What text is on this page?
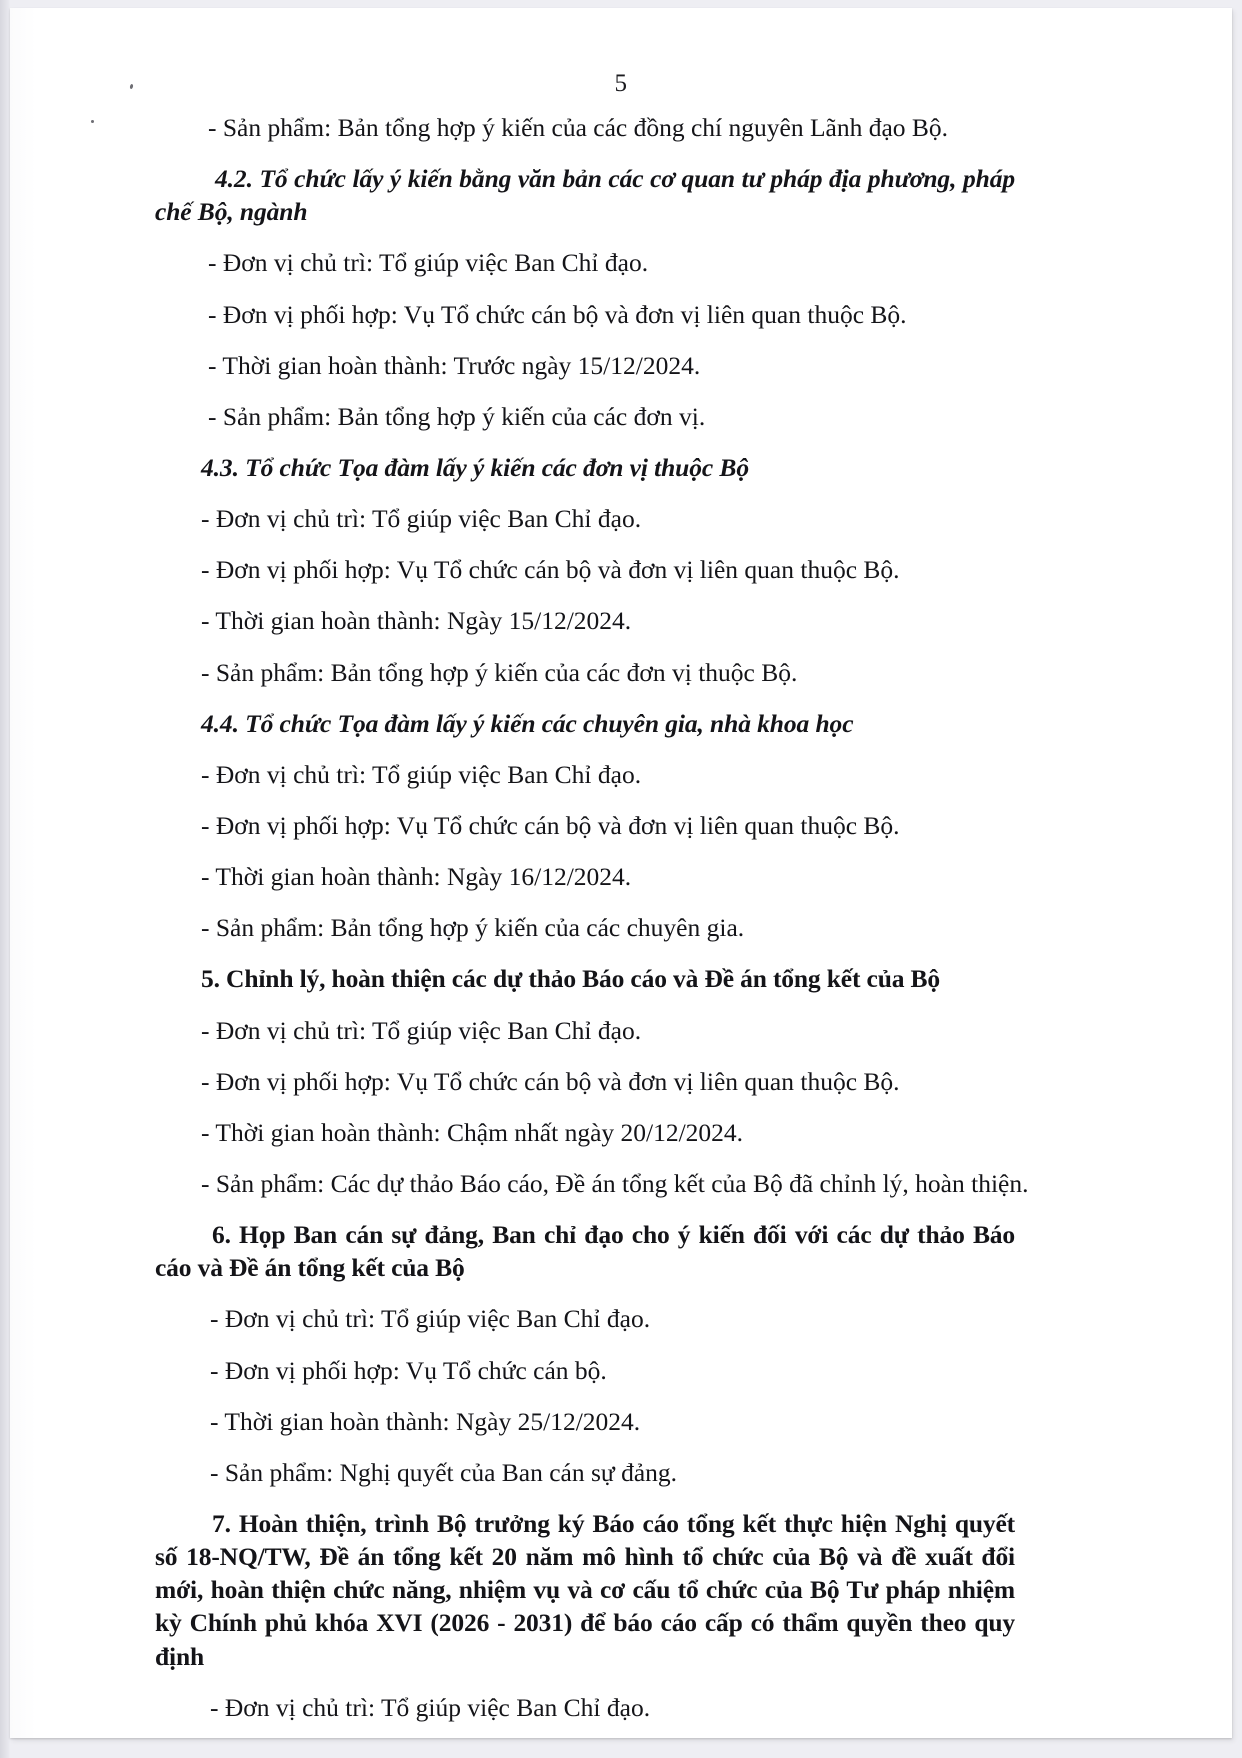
5

- Sản phẩm: Bản tổng hợp ý kiến của các đồng chí nguyên Lãnh đạo Bộ.

4.2. Tổ chức lấy ý kiến bằng văn bản các cơ quan tư pháp địa phương, pháp chế Bộ, ngành

- Đơn vị chủ trì: Tổ giúp việc Ban Chỉ đạo.

- Đơn vị phối hợp: Vụ Tổ chức cán bộ và đơn vị liên quan thuộc Bộ.

- Thời gian hoàn thành: Trước ngày 15/12/2024.

- Sản phẩm: Bản tổng hợp ý kiến của các đơn vị.

4.3. Tổ chức Tọa đàm lấy ý kiến các đơn vị thuộc Bộ

- Đơn vị chủ trì: Tổ giúp việc Ban Chỉ đạo.

- Đơn vị phối hợp: Vụ Tổ chức cán bộ và đơn vị liên quan thuộc Bộ.

- Thời gian hoàn thành: Ngày 15/12/2024.

- Sản phẩm: Bản tổng hợp ý kiến của các đơn vị thuộc Bộ.

4.4. Tổ chức Tọa đàm lấy ý kiến các chuyên gia, nhà khoa học

- Đơn vị chủ trì: Tổ giúp việc Ban Chỉ đạo.

- Đơn vị phối hợp: Vụ Tổ chức cán bộ và đơn vị liên quan thuộc Bộ.

- Thời gian hoàn thành: Ngày 16/12/2024.

- Sản phẩm: Bản tổng hợp ý kiến của các chuyên gia.

5. Chỉnh lý, hoàn thiện các dự thảo Báo cáo và Đề án tổng kết của Bộ

- Đơn vị chủ trì: Tổ giúp việc Ban Chỉ đạo.

- Đơn vị phối hợp: Vụ Tổ chức cán bộ và đơn vị liên quan thuộc Bộ.

- Thời gian hoàn thành: Chậm nhất ngày 20/12/2024.

- Sản phẩm: Các dự thảo Báo cáo, Đề án tổng kết của Bộ đã chỉnh lý, hoàn thiện.

6. Họp Ban cán sự đảng, Ban chỉ đạo cho ý kiến đối với các dự thảo Báo cáo và Đề án tổng kết của Bộ

- Đơn vị chủ trì: Tổ giúp việc Ban Chỉ đạo.

- Đơn vị phối hợp: Vụ Tổ chức cán bộ.

- Thời gian hoàn thành: Ngày 25/12/2024.

- Sản phẩm: Nghị quyết của Ban cán sự đảng.

7. Hoàn thiện, trình Bộ trưởng ký Báo cáo tổng kết thực hiện Nghị quyết số 18-NQ/TW, Đề án tổng kết 20 năm mô hình tổ chức của Bộ và đề xuất đổi mới, hoàn thiện chức năng, nhiệm vụ và cơ cấu tổ chức của Bộ Tư pháp nhiệm kỳ Chính phủ khóa XVI (2026 - 2031) để báo cáo cấp có thẩm quyền theo quy định

- Đơn vị chủ trì: Tổ giúp việc Ban Chỉ đạo.
